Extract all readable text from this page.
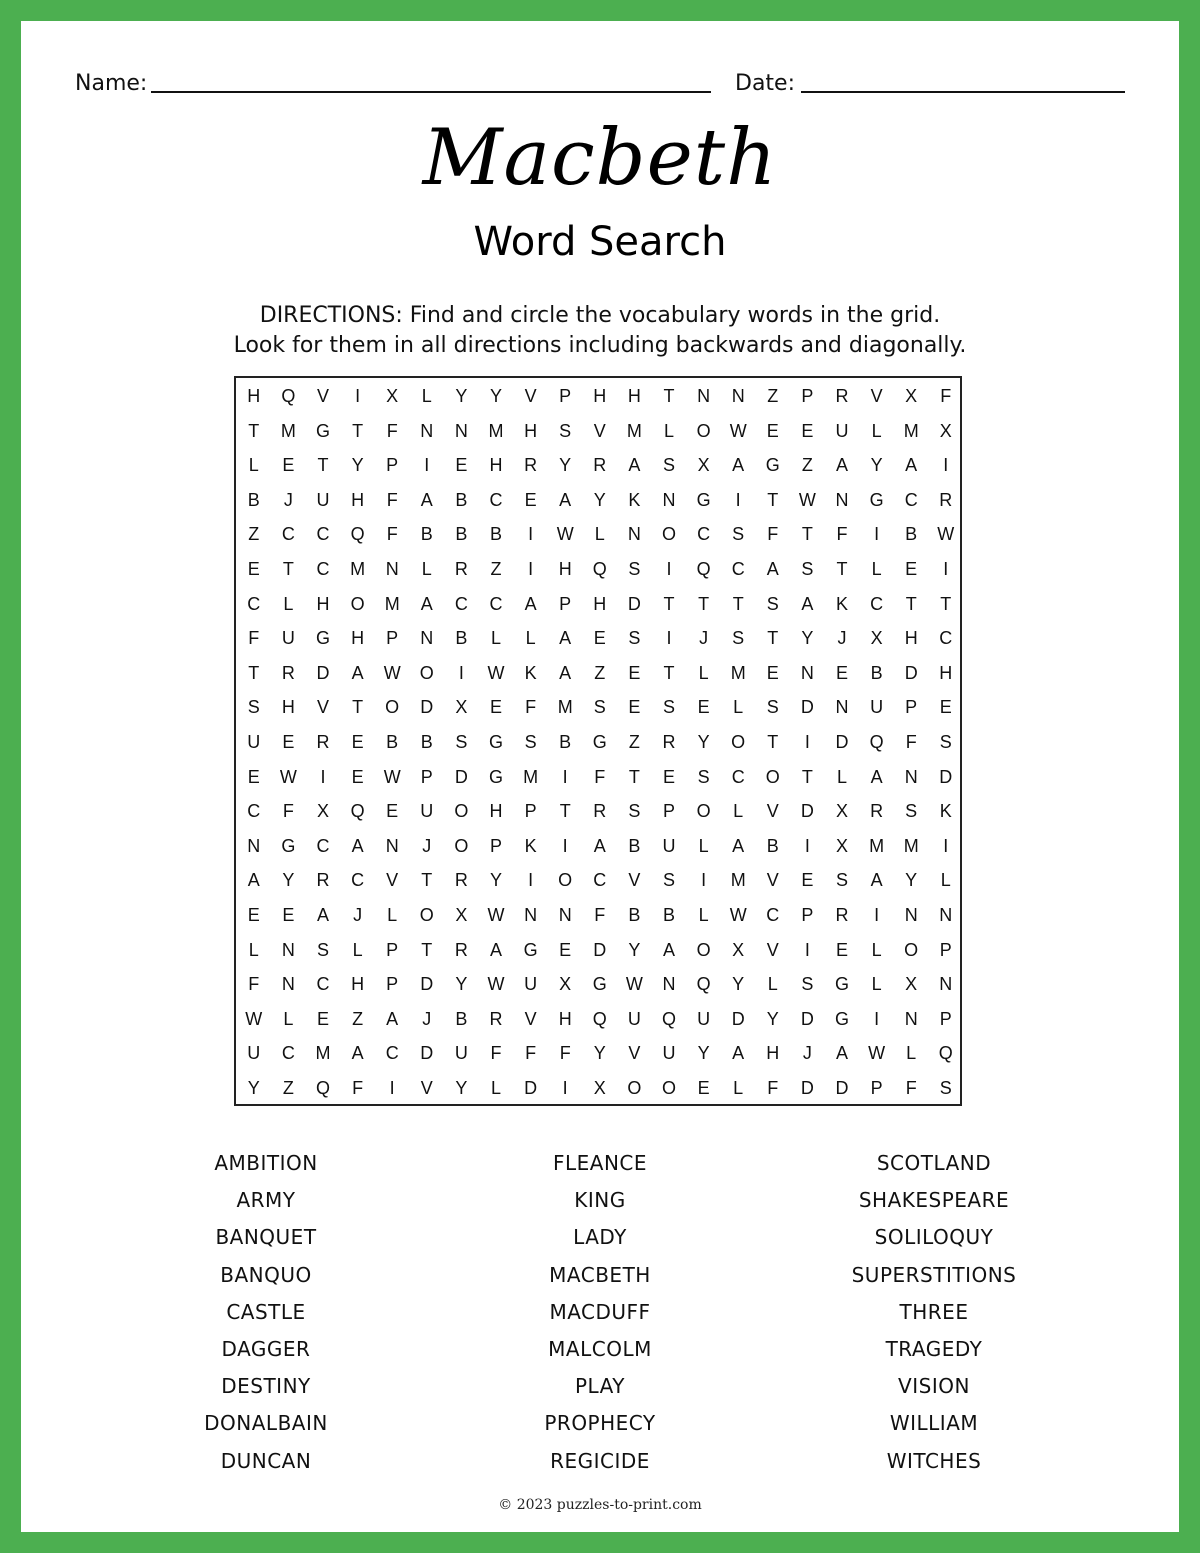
Name:	Date:
Macbeth
Word Search
DIRECTIONS: Find and circle the vocabulary words in the grid.
Look for them in all directions including backwards and diagonally.
H	Q	V	I	X	L	Y	Y	V	P	H	H	T	N	N	Z	P	R	V	X	F
T	M	G	T	F	N	N	M	H	S	V	M	L	O	W	E	E	U	L	M	X
L	E	T	Y	P	I	E	H	R	Y	R	A	S	X	A	G	Z	A	Y	A	I
B	J	U	H	F	A	B	C	E	A	Y	K	N	G	I	T	W	N	G	C	R
Z	C	C	Q	F	B	B	B	I	W	L	N	O	C	S	F	T	F	I	B	W
E	T	C	M	N	L	R	Z	I	H	Q	S	I	Q	C	A	S	T	L	E	I
C	L	H	O	M	A	C	C	A	P	H	D	T	T	T	S	A	K	C	T	T
F	U	G	H	P	N	B	L	L	A	E	S	I	J	S	T	Y	J	X	H	C
T	R	D	A	W	O	I	W	K	A	Z	E	T	L	M	E	N	E	B	D	H
S	H	V	T	O	D	X	E	F	M	S	E	S	E	L	S	D	N	U	P	E
U	E	R	E	B	B	S	G	S	B	G	Z	R	Y	O	T	I	D	Q	F	S
E	W	I	E	W	P	D	G	M	I	F	T	E	S	C	O	T	L	A	N	D
C	F	X	Q	E	U	O	H	P	T	R	S	P	O	L	V	D	X	R	S	K
N	G	C	A	N	J	O	P	K	I	A	B	U	L	A	B	I	X	M	M	I
A	Y	R	C	V	T	R	Y	I	O	C	V	S	I	M	V	E	S	A	Y	L
E	E	A	J	L	O	X	W	N	N	F	B	B	L	W	C	P	R	I	N	N
L	N	S	L	P	T	R	A	G	E	D	Y	A	O	X	V	I	E	L	O	P
F	N	C	H	P	D	Y	W	U	X	G	W	N	Q	Y	L	S	G	L	X	N
W	L	E	Z	A	J	B	R	V	H	Q	U	Q	U	D	Y	D	G	I	N	P
U	C	M	A	C	D	U	F	F	F	Y	V	U	Y	A	H	J	A	W	L	Q
Y	Z	Q	F	I	V	Y	L	D	I	X	O	O	E	L	F	D	D	P	F	S
AMBITION
ARMY
BANQUET
BANQUO
CASTLE
DAGGER
DESTINY
DONALBAIN
DUNCAN
FLEANCE
KING
LADY
MACBETH
MACDUFF
MALCOLM
PLAY
PROPHECY
REGICIDE
SCOTLAND
SHAKESPEARE
SOLILOQUY
SUPERSTITIONS
THREE
TRAGEDY
VISION
WILLIAM
WITCHES
© 2023 puzzles-to-print.com
